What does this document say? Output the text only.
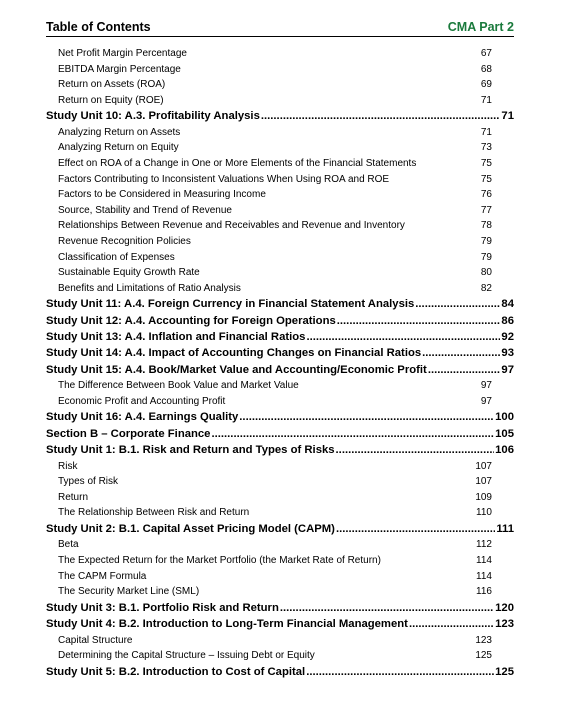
Table of Contents	CMA Part 2
Net Profit Margin Percentage	67
EBITDA Margin Percentage	68
Return on Assets (ROA)	69
Return on Equity (ROE)	71
Study Unit 10: A.3. Profitability Analysis .....	71
Analyzing Return on Assets	71
Analyzing Return on Equity	73
Effect on ROA of a Change in One or More Elements of the Financial Statements	75
Factors Contributing to Inconsistent Valuations When Using ROA and ROE	75
Factors to be Considered in Measuring Income	76
Source, Stability and Trend of Revenue	77
Relationships Between Revenue and Receivables and Revenue and Inventory	78
Revenue Recognition Policies	79
Classification of Expenses	79
Sustainable Equity Growth Rate	80
Benefits and Limitations of Ratio Analysis	82
Study Unit 11: A.4. Foreign Currency in Financial Statement Analysis .....	84
Study Unit 12: A.4. Accounting for Foreign Operations .....	86
Study Unit 13: A.4. Inflation and Financial Ratios .....	92
Study Unit 14: A.4. Impact of Accounting Changes on Financial Ratios .....	93
Study Unit 15: A.4. Book/Market Value and Accounting/Economic Profit .....	97
The Difference Between Book Value and Market Value	97
Economic Profit and Accounting Profit	97
Study Unit 16: A.4. Earnings Quality .....	100
Section B – Corporate Finance .....	105
Study Unit 1: B.1. Risk and Return and Types of Risks .....	106
Risk	107
Types of Risk	107
Return	109
The Relationship Between Risk and Return	110
Study Unit 2: B.1. Capital Asset Pricing Model (CAPM) .....	111
Beta	112
The Expected Return for the Market Portfolio (the Market Rate of Return)	114
The CAPM Formula	114
The Security Market Line (SML)	116
Study Unit 3: B.1. Portfolio Risk and Return .....	120
Study Unit 4: B.2. Introduction to Long-Term Financial Management .....	123
Capital Structure	123
Determining the Capital Structure – Issuing Debt or Equity	125
Study Unit 5: B.2. Introduction to Cost of Capital .....	125
